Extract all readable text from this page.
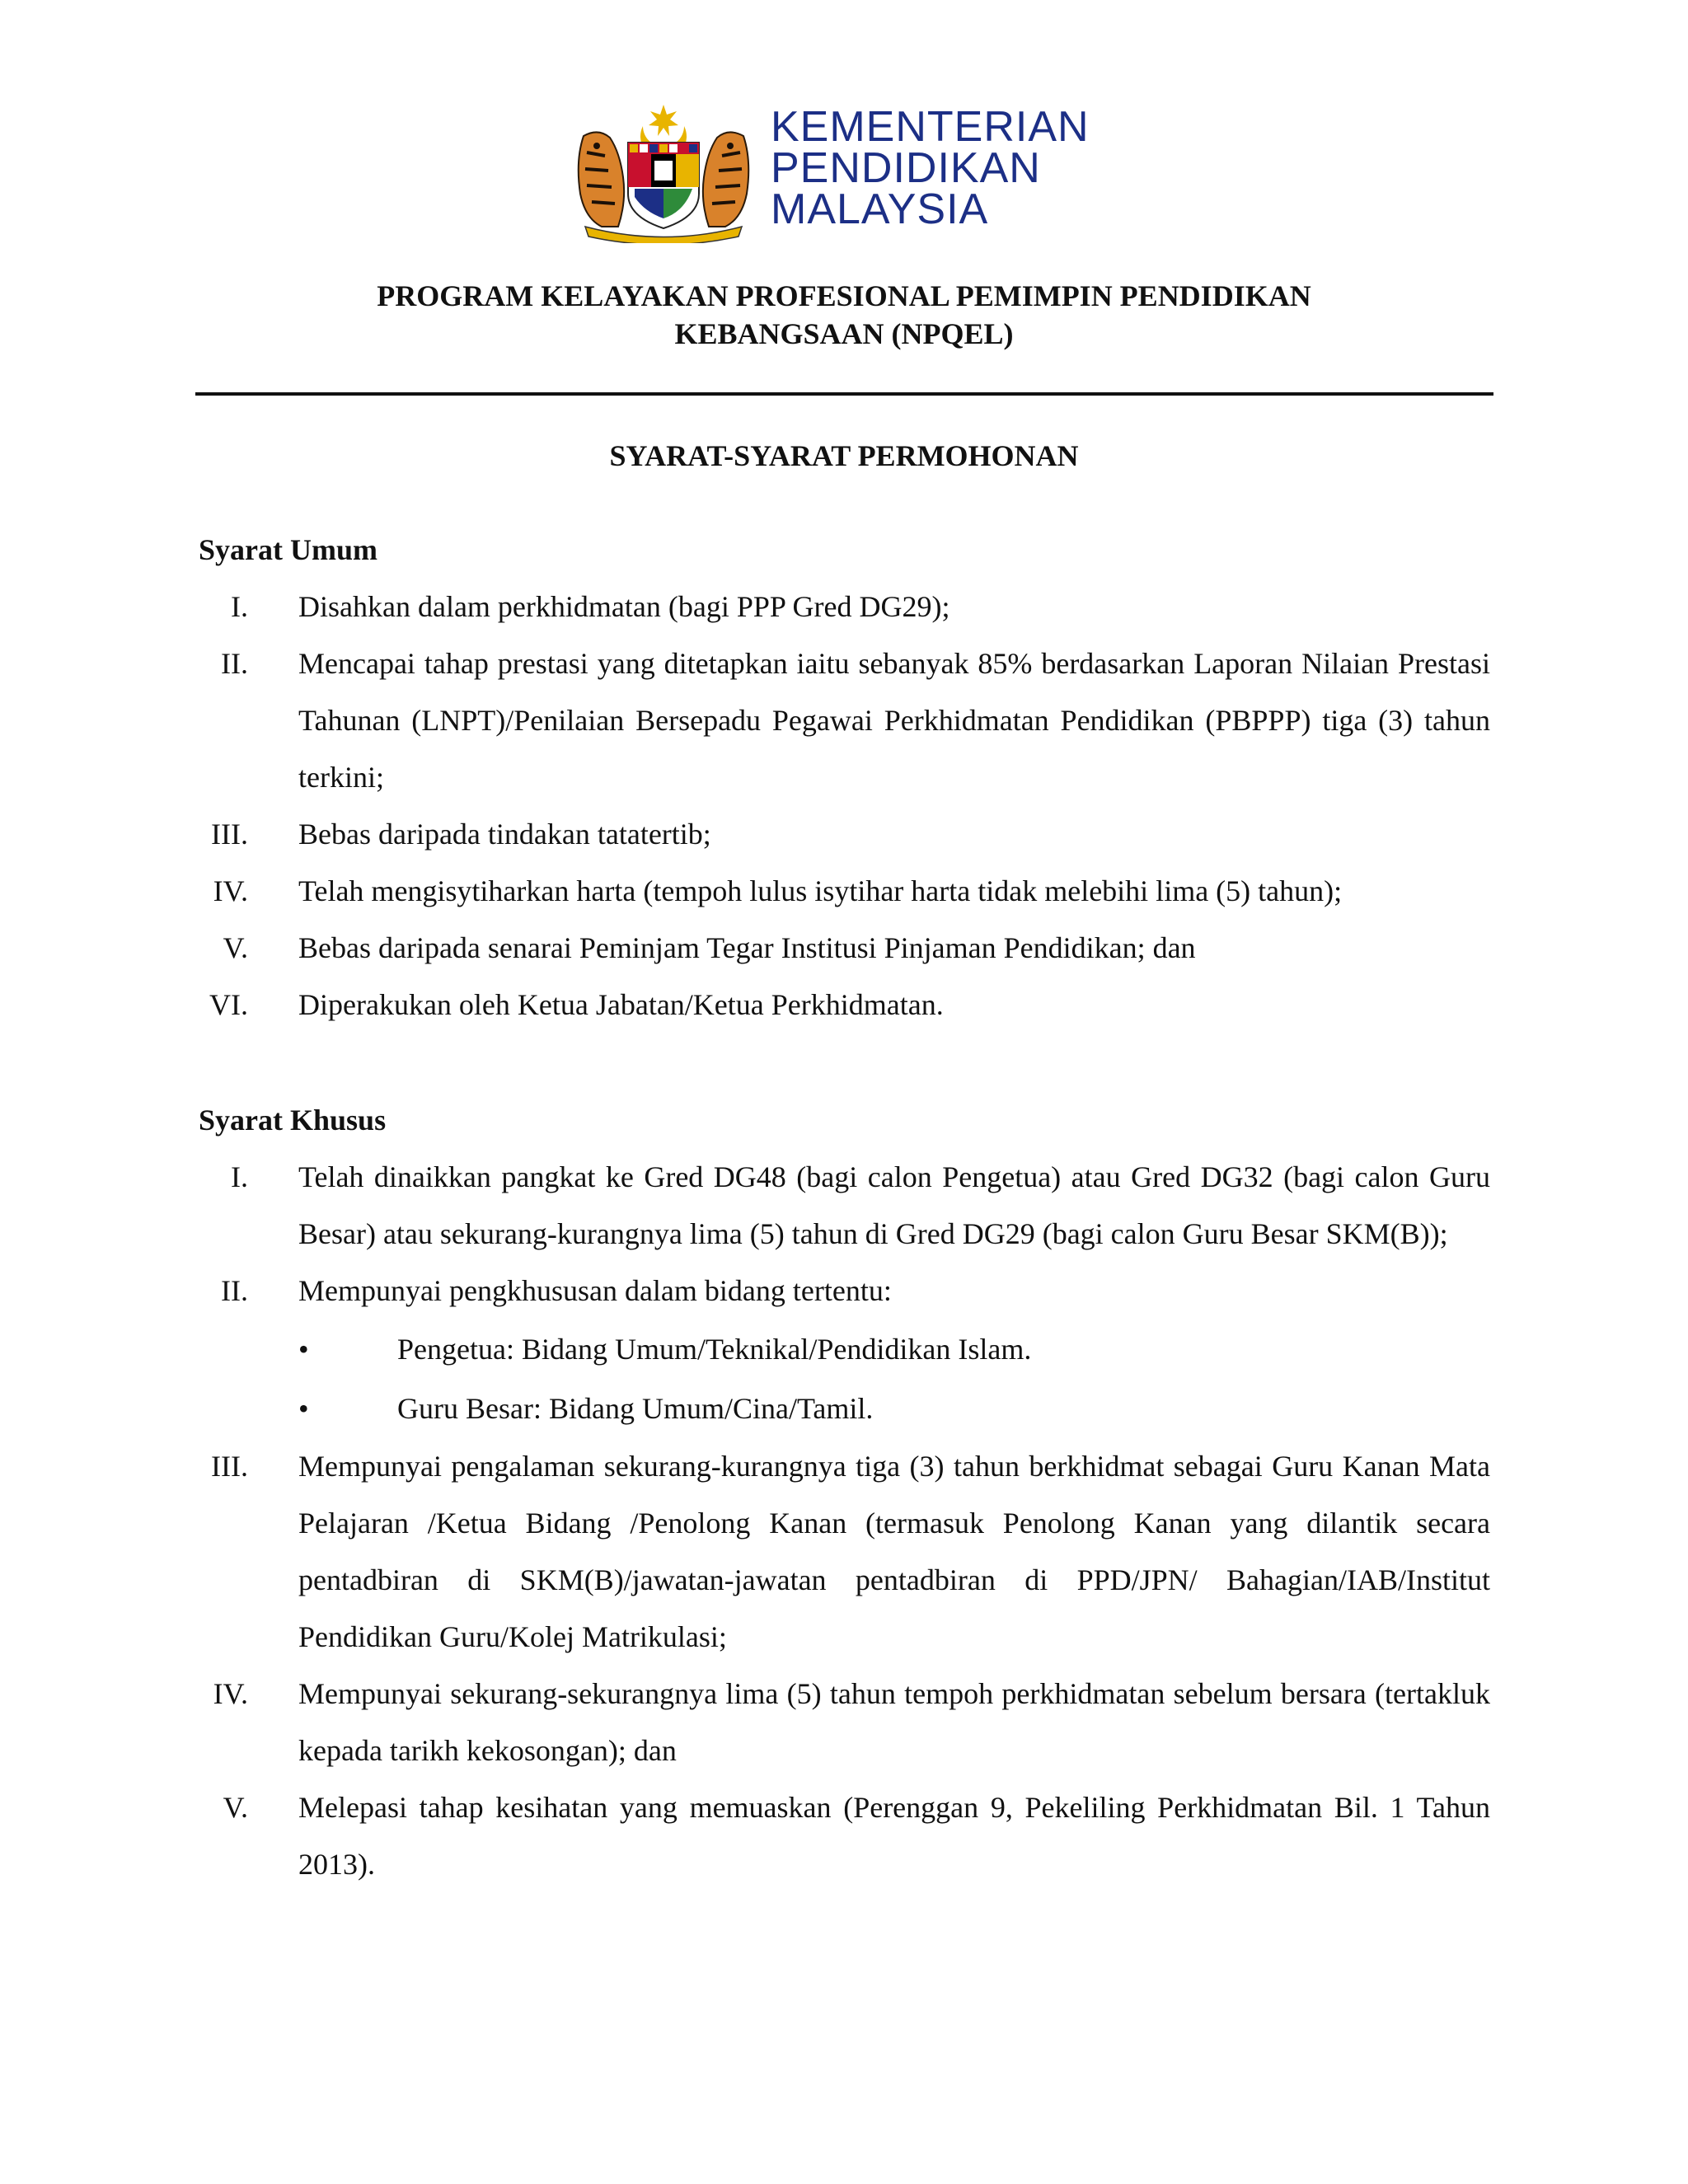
KEMENTERIAN
PENDIDIKAN
MALAYSIA
PROGRAM KELAYAKAN PROFESIONAL PEMIMPIN PENDIDIKAN
KEBANGSAAN (NPQEL)
SYARAT-SYARAT PERMOHONAN
Syarat Umum
I. Disahkan dalam perkhidmatan (bagi PPP Gred DG29);
II. Mencapai tahap prestasi yang ditetapkan iaitu sebanyak 85% berdasarkan Laporan Nilaian Prestasi Tahunan (LNPT)/Penilaian Bersepadu Pegawai Perkhidmatan Pendidikan (PBPPP) tiga (3) tahun terkini;
III. Bebas daripada tindakan tatatertib;
IV. Telah mengisytiharkan harta (tempoh lulus isytihar harta tidak melebihi lima (5) tahun);
V. Bebas daripada senarai Peminjam Tegar Institusi Pinjaman Pendidikan; dan
VI. Diperakukan oleh Ketua Jabatan/Ketua Perkhidmatan.
Syarat Khusus
I. Telah dinaikkan pangkat ke Gred DG48 (bagi calon Pengetua) atau Gred DG32 (bagi calon Guru Besar) atau sekurang-kurangnya lima (5) tahun di Gred DG29 (bagi calon Guru Besar SKM(B));
II. Mempunyai pengkhususan dalam bidang tertentu:
•	Pengetua: Bidang Umum/Teknikal/Pendidikan Islam.
•	Guru Besar: Bidang Umum/Cina/Tamil.
III. Mempunyai pengalaman sekurang-kurangnya tiga (3) tahun berkhidmat sebagai Guru Kanan Mata Pelajaran /Ketua Bidang /Penolong Kanan (termasuk Penolong Kanan yang dilantik secara pentadbiran di SKM(B)/jawatan-jawatan pentadbiran di PPD/JPN/ Bahagian/IAB/Institut Pendidikan Guru/Kolej Matrikulasi;
IV. Mempunyai sekurang-sekurangnya lima (5) tahun tempoh perkhidmatan sebelum bersara (tertakluk kepada tarikh kekosongan); dan
V. Melepasi tahap kesihatan yang memuaskan (Perenggan 9, Pekeliling Perkhidmatan Bil. 1 Tahun 2013).
